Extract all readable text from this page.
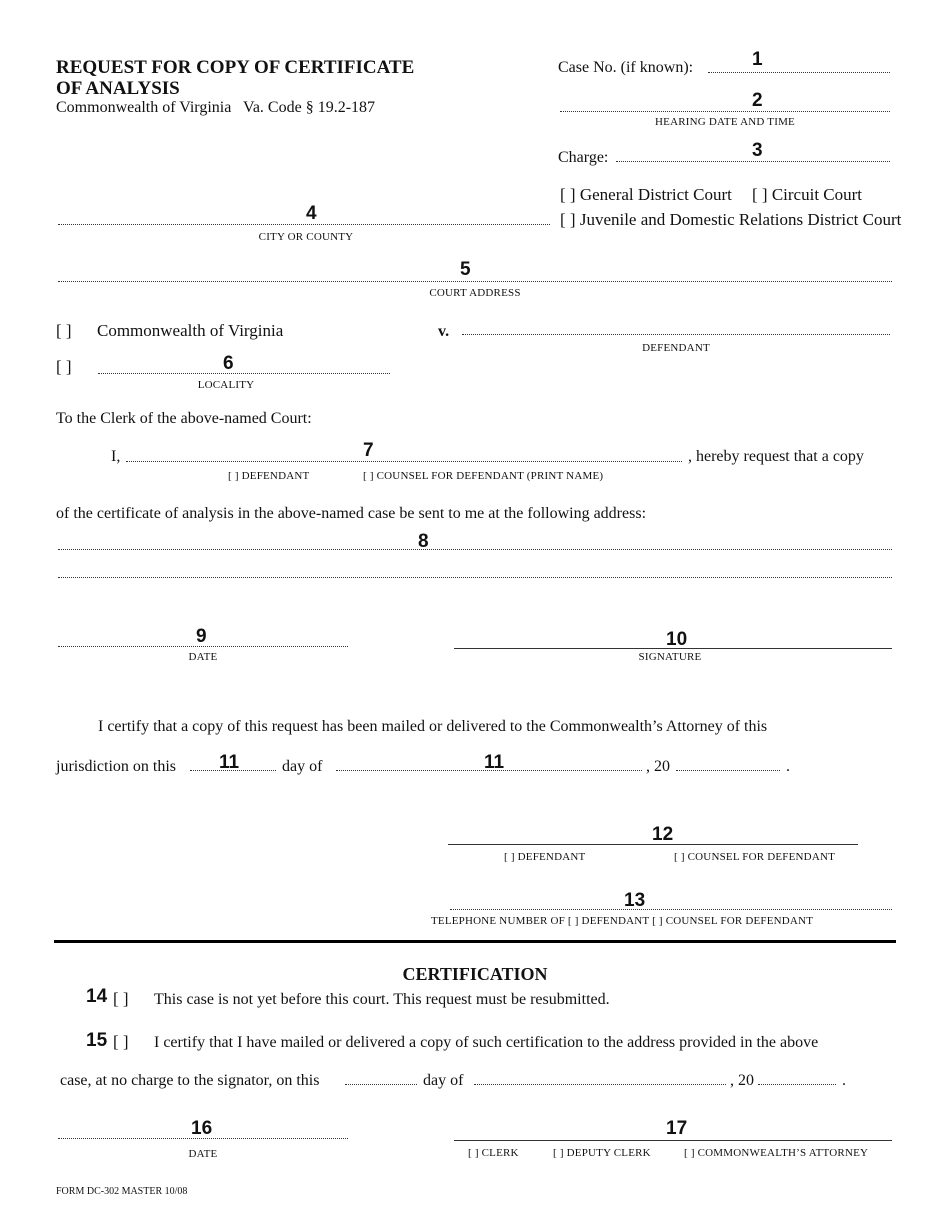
REQUEST FOR COPY OF CERTIFICATE OF ANALYSIS
Commonwealth of Virginia   Va. Code § 19.2-187
Case No. (if known):	1
2
HEARING DATE AND TIME
Charge:	3
[ ] General District Court [ ] Circuit Court
[ ] Juvenile and Domestic Relations District Court
4
CITY OR COUNTY
5
COURT ADDRESS
[ ] Commonwealth of Virginia	v.
DEFENDANT
[ ]	6
LOCALITY
To the Clerk of the above-named Court:
I,	7	, hereby request that a copy
[ ] DEFENDANT	[ ] COUNSEL FOR DEFENDANT (PRINT NAME)
of the certificate of analysis in the above-named case be sent to me at the following address:
8
9
DATE
10
SIGNATURE
I certify that a copy of this request has been mailed or delivered to the Commonwealth’s Attorney of this
jurisdiction on this 11	day of	11	, 20	.
12
[ ] DEFENDANT	[ ] COUNSEL FOR DEFENDANT
13
TELEPHONE NUMBER OF [ ] DEFENDANT [ ] COUNSEL FOR DEFENDANT
CERTIFICATION
14 [ ] This case is not yet before this court. This request must be resubmitted.
15 [ ] I certify that I have mailed or delivered a copy of such certification to the address provided in the above
case, at no charge to the signator, on this	day of	, 20	.
16
DATE
17
[ ] CLERK	[ ] DEPUTY CLERK	[ ] COMMONWEALTH’S ATTORNEY
FORM DC-302 MASTER 10/08
